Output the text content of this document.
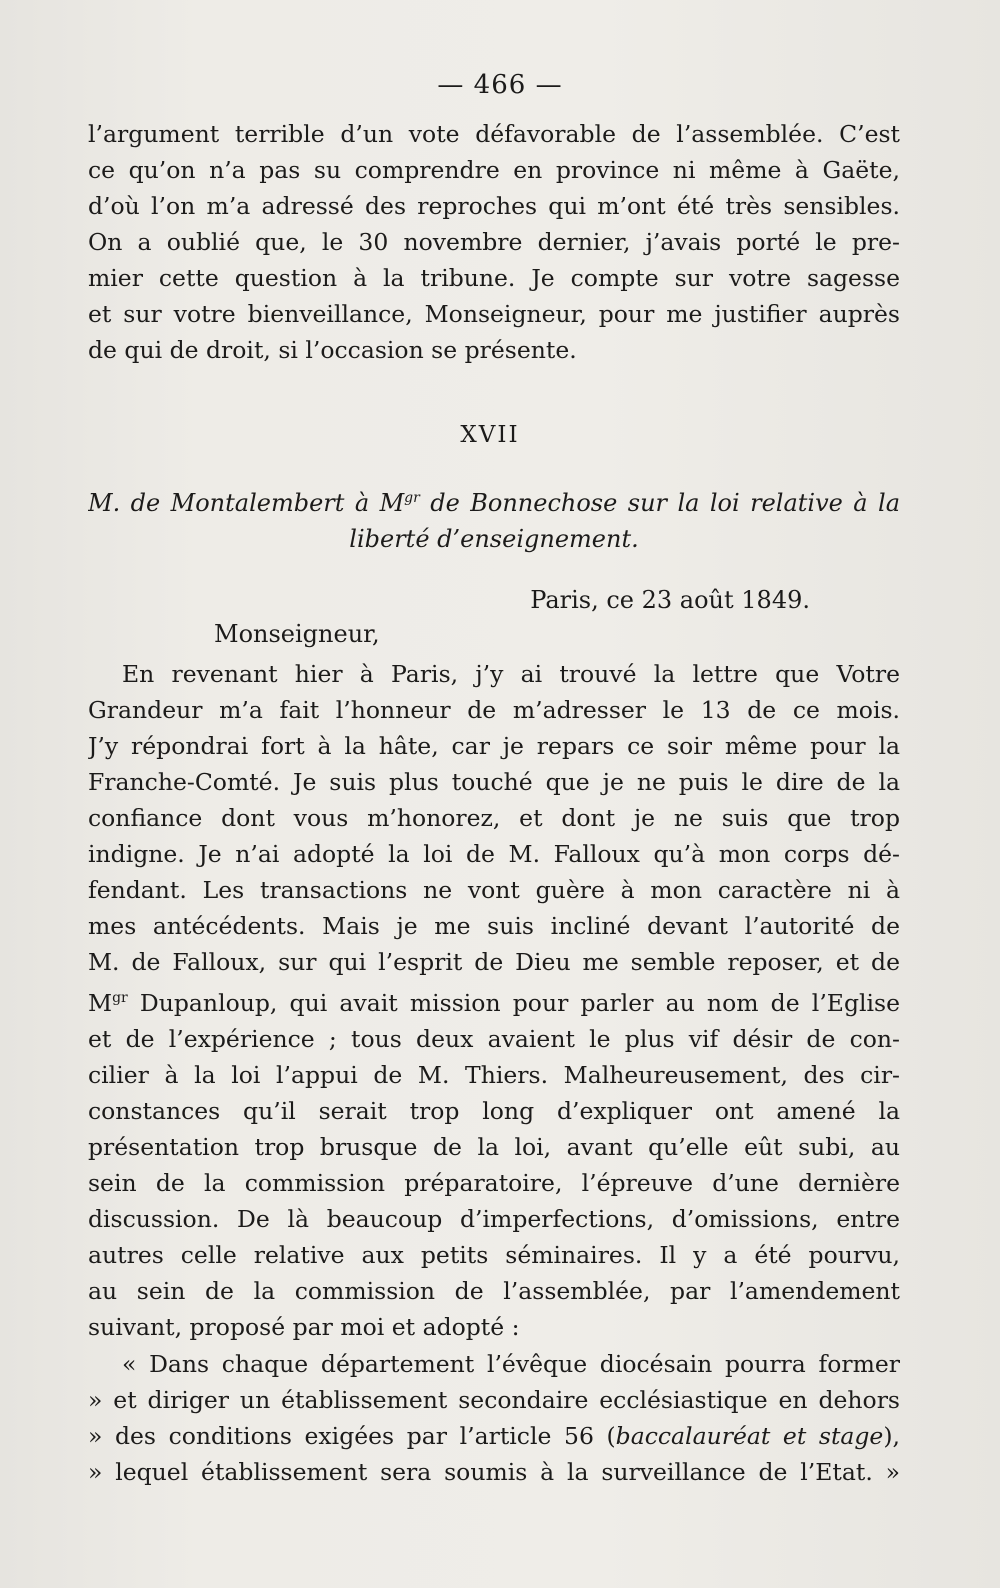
— 466 —
l’argument terrible d’un vote défavorable de l’assemblée. C’est
ce qu’on n’a pas su comprendre en province ni même à Gaëte,
d’où l’on m’a adressé des reproches qui m’ont été très sensibles.
On a oublié que, le 30 novembre dernier, j’avais porté le pre-
mier cette question à la tribune. Je compte sur votre sagesse
et sur votre bienveillance, Monseigneur, pour me justifier auprès
de qui de droit, si l’occasion se présente.
XVII
M. de Montalembert à $M^{gr}$ de Bonnechose sur la loi relative à la
liberté d’enseignement.
Paris, ce 23 août 1849.
Monseigneur,
En revenant hier à Paris, j’y ai trouvé la lettre que Votre
Grandeur m’a fait l’honneur de m’adresser le 13 de ce mois.
J’y répondrai fort à la hâte, car je repars ce soir même pour la
Franche-Comté. Je suis plus touché que je ne puis le dire de la
confiance dont vous m’honorez, et dont je ne suis que trop
indigne. Je n’ai adopté la loi de M. Falloux qu’à mon corps dé-
fendant. Les transactions ne vont guère à mon caractère ni à
mes antécédents. Mais je me suis incliné devant l’autorité de
M. de Falloux, sur qui l’esprit de Dieu me semble reposer, et de
$M^{gr}$ Dupanloup, qui avait mission pour parler au nom de l’Eglise
et de l’expérience ; tous deux avaient le plus vif désir de con-
cilier à la loi l’appui de M. Thiers. Malheureusement, des cir-
constances qu’il serait trop long d’expliquer ont amené la
présentation trop brusque de la loi, avant qu’elle eût subi, au
sein de la commission préparatoire, l’épreuve d’une dernière
discussion. De là beaucoup d’imperfections, d’omissions, entre
autres celle relative aux petits séminaires. Il y a été pourvu,
au sein de la commission de l’assemblée, par l’amendement
suivant, proposé par moi et adopté :
« Dans chaque département l’évêque diocésain pourra former
» et diriger un établissement secondaire ecclésiastique en dehors
» des conditions exigées par l’article 56 (baccalauréat et stage),
» lequel établissement sera soumis à la surveillance de l’Etat. »
